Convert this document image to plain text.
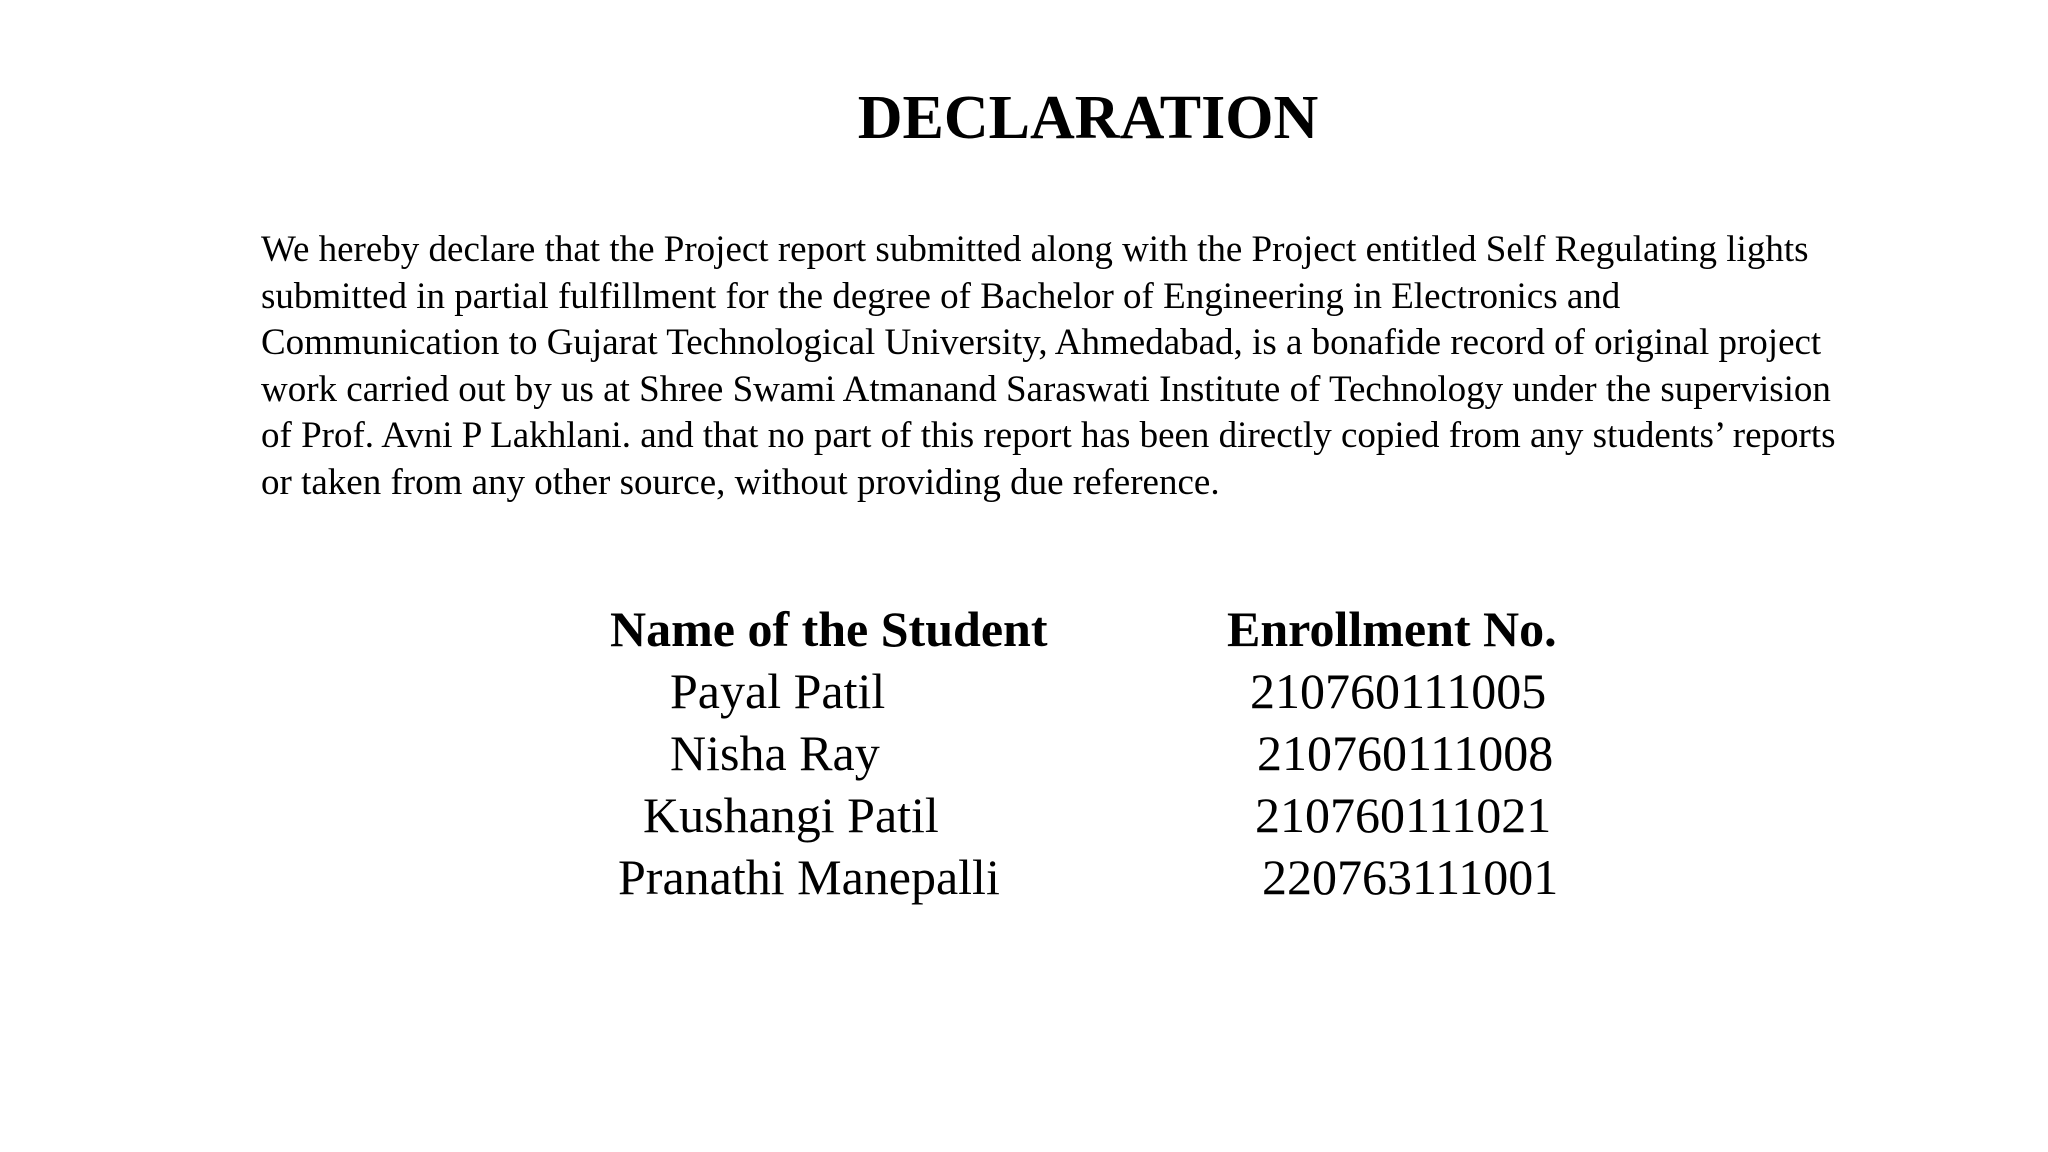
DECLARATION

We hereby declare that the Project report submitted along with the Project entitled Self Regulating lights
submitted in partial fulfillment for the degree of Bachelor of Engineering in Electronics and
Communication to Gujarat Technological University, Ahmedabad, is a bonafide record of original project
work carried out by us at Shree Swami Atmanand Saraswati Institute of Technology under the supervision
of Prof. Avni P Lakhlani. and that no part of this report has been directly copied from any students’ reports
or taken from any other source, without providing due reference.

Name of the Student	Enrollment No.
Payal Patil	210760111005
Nisha Ray	210760111008
Kushangi Patil	210760111021
Pranathi Manepalli	220763111001
